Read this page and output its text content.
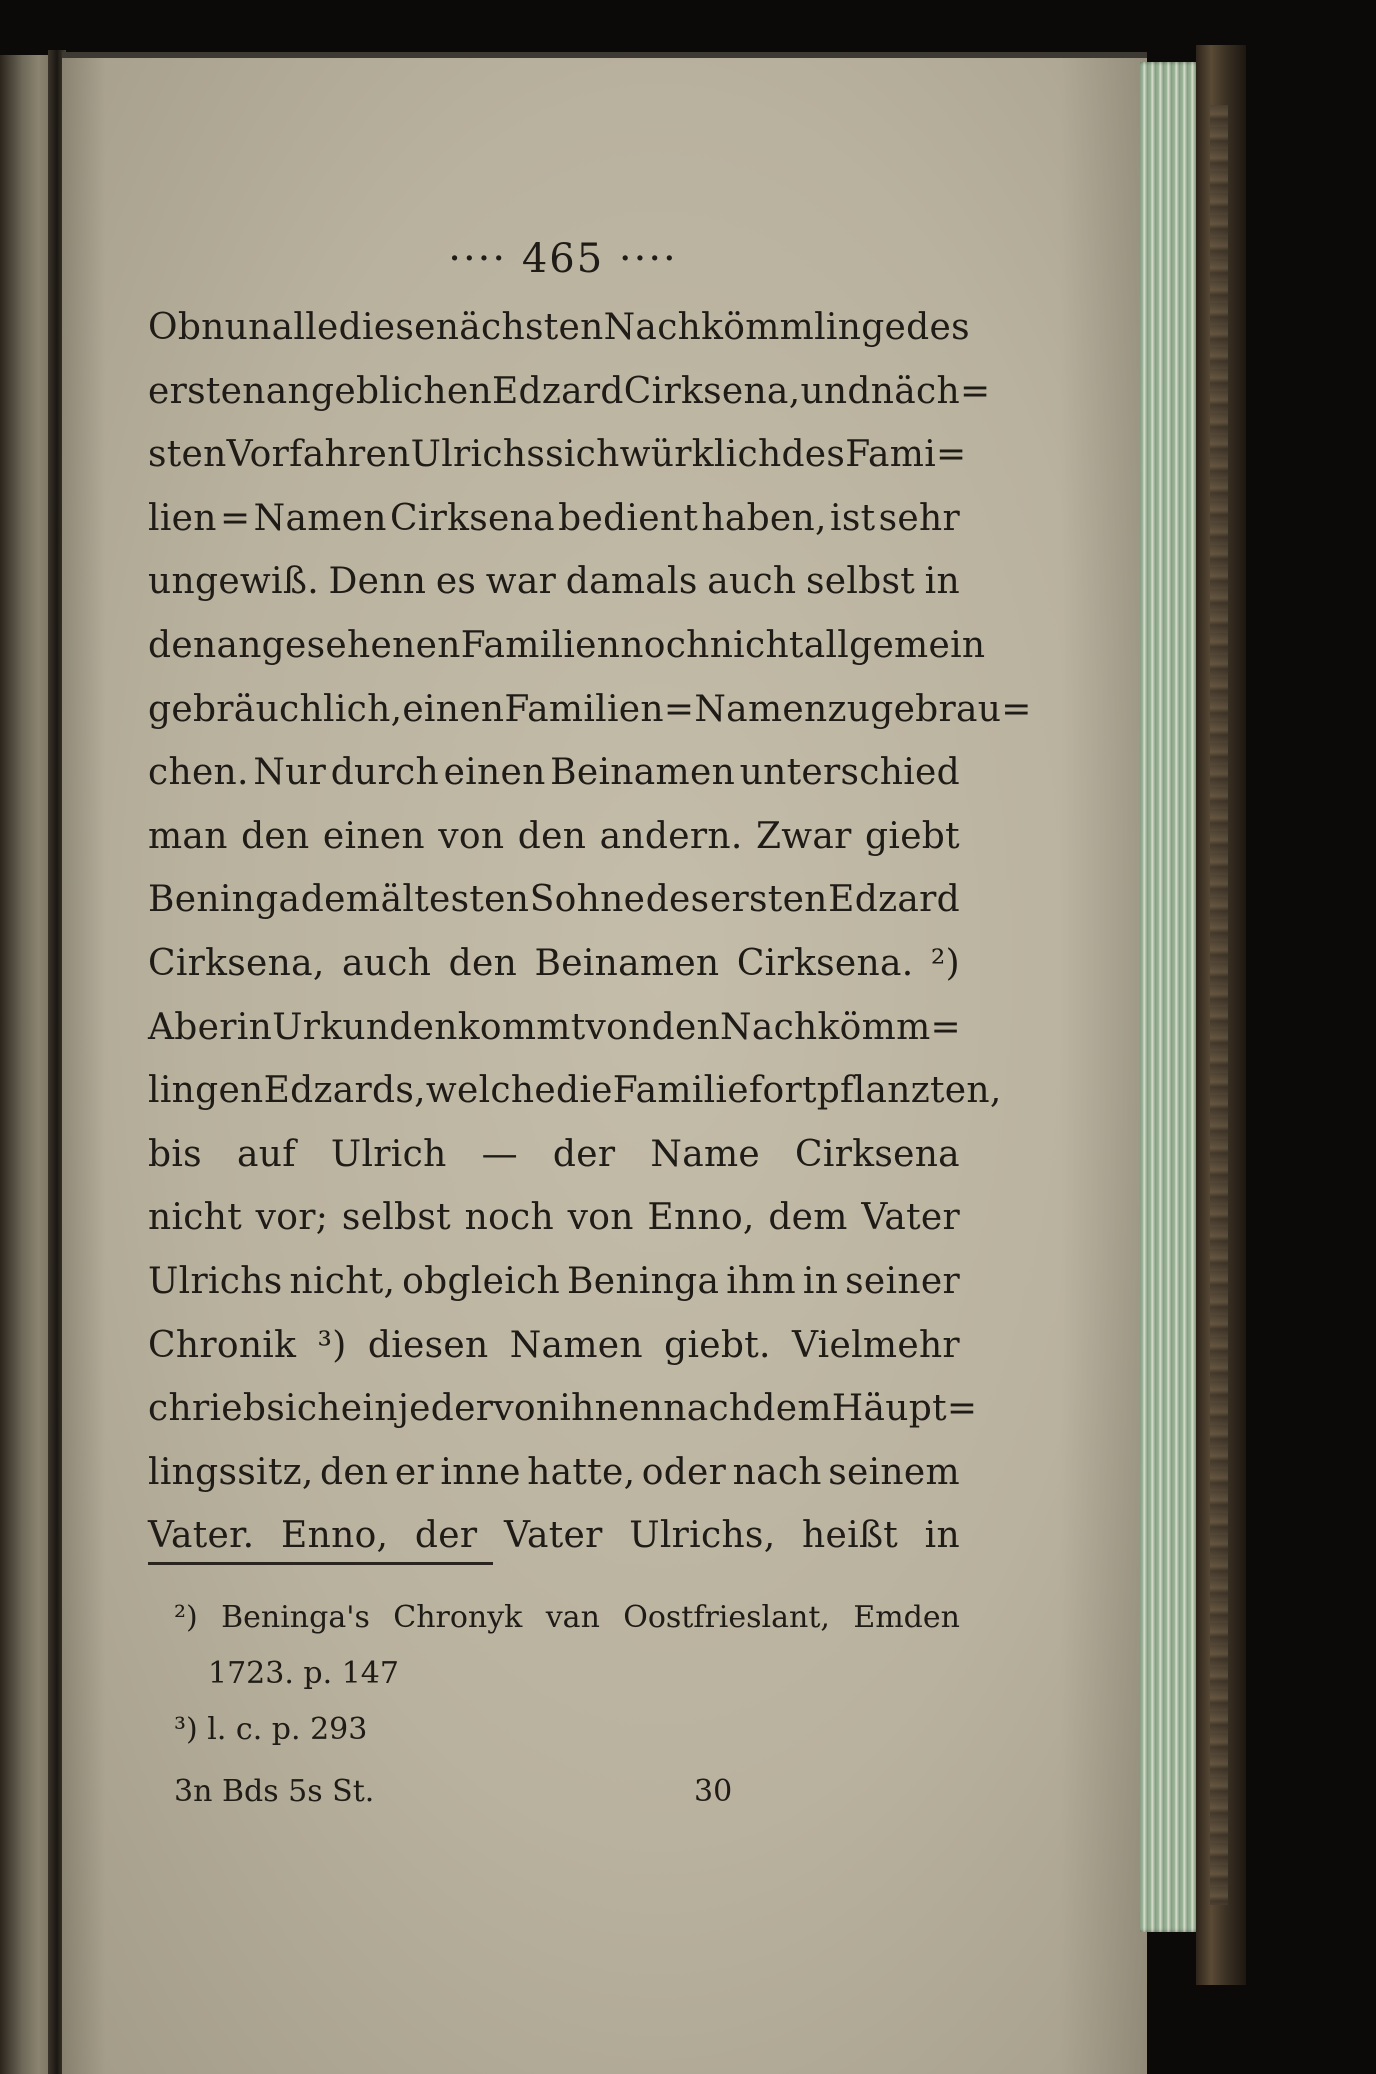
···· 465 ····
Ob nun alle diese nächsten Nachkömmlinge des
ersten angeblichen Edzard Cirksena, und näch=
sten Vorfahren Ulrichs sich würklich des Fami=
lien = Namen Cirksena bedient haben, ist sehr
ungewiß. Denn es war damals auch selbst in
den angesehenen Familien noch nicht allgemein
gebräuchlich, einen Familien = Namen zu gebrau=
chen. Nur durch einen Beinamen unterschied
man den einen von den andern. Zwar giebt
Beninga dem ältesten Sohne des ersten Edzard
Cirksena, auch den Beinamen Cirksena. ²)
Aber in Urkunden kommt von den Nachkömm=
lingen Edzards, welche die Familie fortpflanzten,
bis auf Ulrich — der Name Cirksena
nicht vor; selbst noch von Enno, dem Vater
Ulrichs nicht, obgleich Beninga ihm in seiner
Chronik ³) diesen Namen giebt. Vielmehr
chrieb sich ein jeder von ihnen nach dem Häupt=
lingssitz, den er inne hatte, oder nach seinem
Vater. Enno, der Vater Ulrichs, heißt in
²) Beninga's Chronyk van Oostfrieslant, Emden
1723. p. 147
³) l. c. p. 293
3n Bds 5s St.	30
